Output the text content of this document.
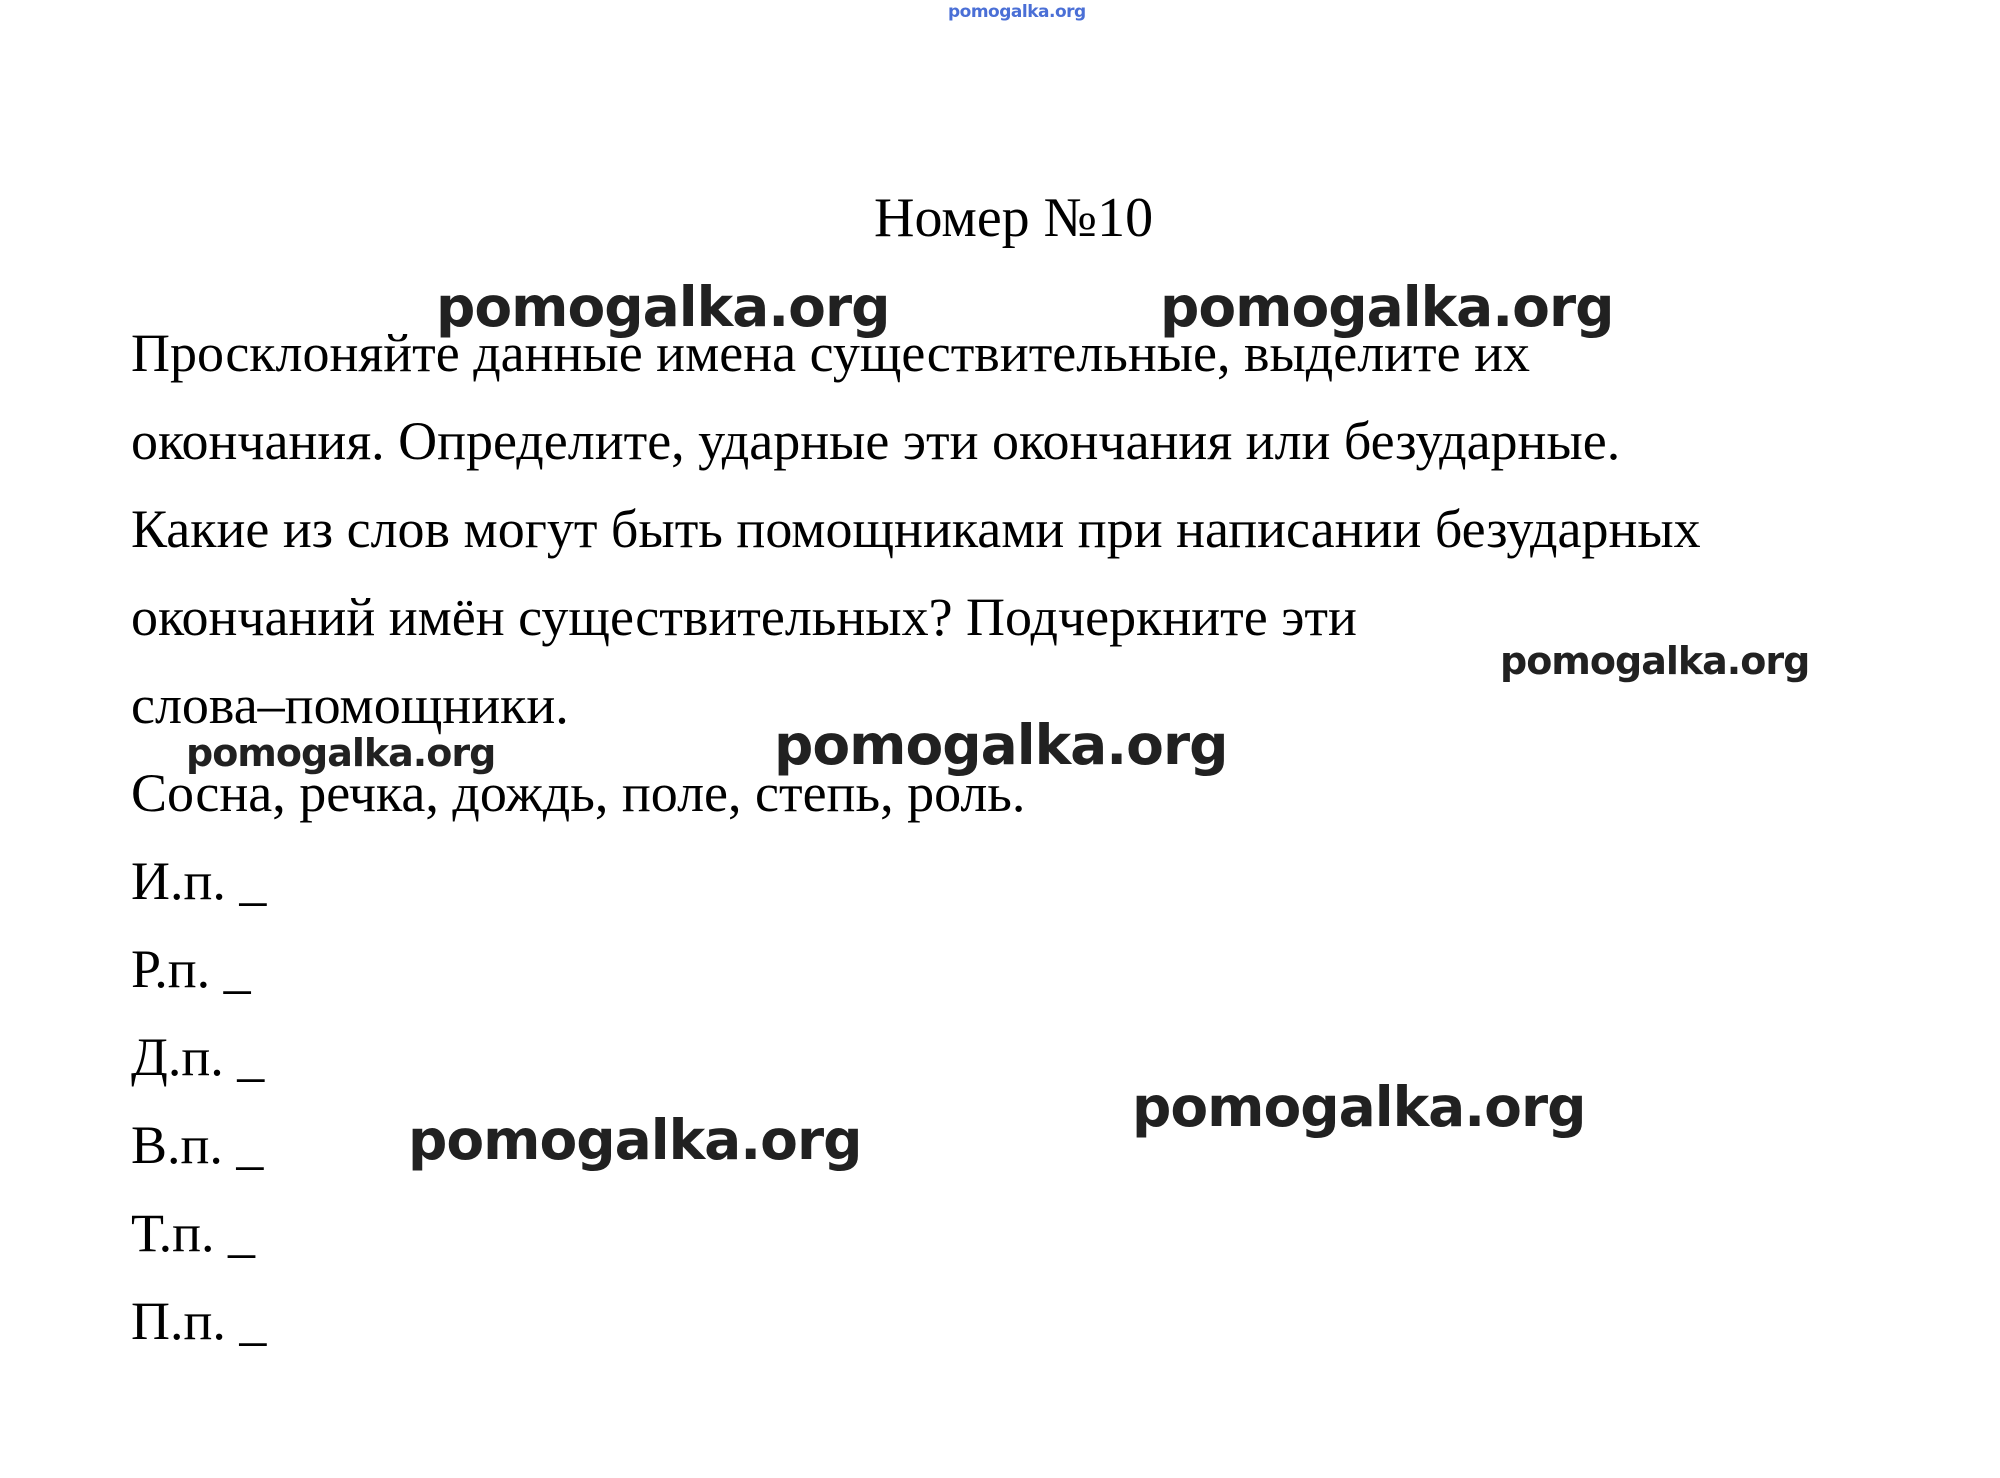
pomogalka.org
Номер №10

Просклоняйте данные имена существительные, выделите их

окончания. Определите, ударные эти окончания или безударные.

Какие из слов могут быть помощниками при написании безударных

окончаний имён существительных? Подчеркните эти

слова–помощники.

Сосна, речка, дождь, поле, степь, роль.

И.п. _

Р.п. _

Д.п. _

В.п. _

Т.п. _

П.п. _

pomogalka.org	pomogalka.org
pomogalka.org
pomogalka.org	pomogalka.org
pomogalka.org
pomogalka.org
